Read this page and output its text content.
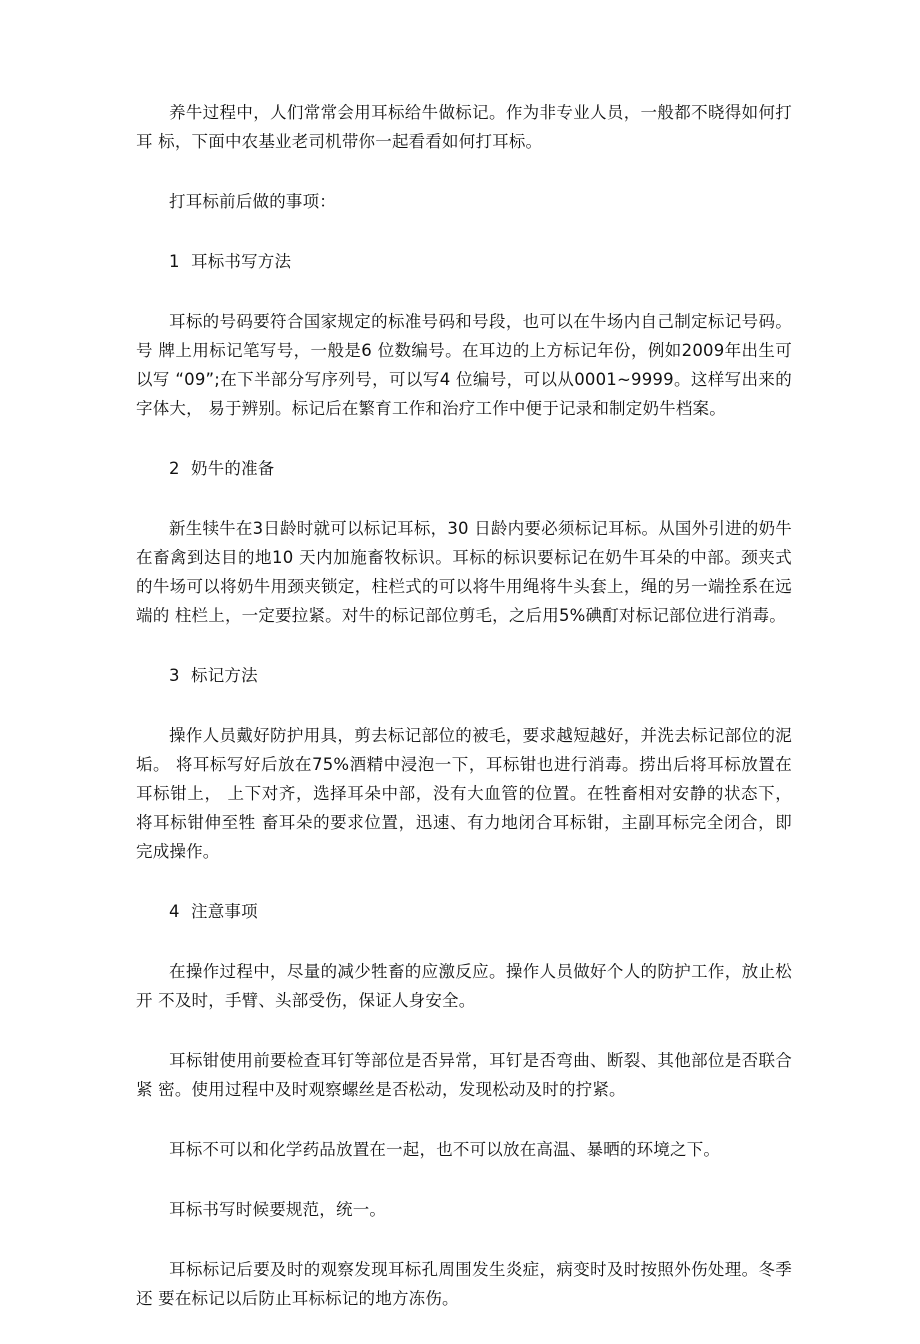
养牛过程中，人们常常会用耳标给牛做标记。作为非专业人员，一般都不晓得如何打耳 标，下面中农基业老司机带你一起看看如何打耳标。

打耳标前后做的事项：

1 耳标书写方法

耳标的号码要符合国家规定的标准号码和号段，也可以在牛场内自己制定标记号码。号 牌上用标记笔写号，一般是6 位数编号。在耳边的上方标记年份，例如2009年出生可以写 “09”;在下半部分写序列号，可以写4 位编号，可以从0001~9999。这样写出来的字体大， 易于辨别。标记后在繁育工作和治疗工作中便于记录和制定奶牛档案。

2 奶牛的准备

新生犊牛在3日龄时就可以标记耳标，30 日龄内要必须标记耳标。从国外引进的奶牛在畜禽到达目的地10 天内加施畜牧标识。耳标的标识要标记在奶牛耳朵的中部。颈夹式的牛场可以将奶牛用颈夹锁定，柱栏式的可以将牛用绳将牛头套上，绳的另一端拴系在远端的 柱栏上，一定要拉紧。对牛的标记部位剪毛，之后用5%碘酊对标记部位进行消毒。

3 标记方法

操作人员戴好防护用具，剪去标记部位的被毛，要求越短越好，并洗去标记部位的泥垢。 将耳标写好后放在75%酒精中浸泡一下，耳标钳也进行消毒。捞出后将耳标放置在耳标钳上， 上下对齐，选择耳朵中部，没有大血管的位置。在牲畜相对安静的状态下，将耳标钳伸至牲 畜耳朵的要求位置，迅速、有力地闭合耳标钳，主副耳标完全闭合，即完成操作。

4 注意事项

在操作过程中，尽量的减少牲畜的应激反应。操作人员做好个人的防护工作，放止松开 不及时，手臂、头部受伤，保证人身安全。

耳标钳使用前要检查耳钉等部位是否异常，耳钉是否弯曲、断裂、其他部位是否联合紧 密。使用过程中及时观察螺丝是否松动，发现松动及时的拧紧。

耳标不可以和化学药品放置在一起，也不可以放在高温、暴晒的环境之下。

耳标书写时候要规范，统一。

耳标标记后要及时的观察发现耳标孔周围发生炎症，病变时及时按照外伤处理。冬季还 要在标记以后防止耳标标记的地方冻伤。
